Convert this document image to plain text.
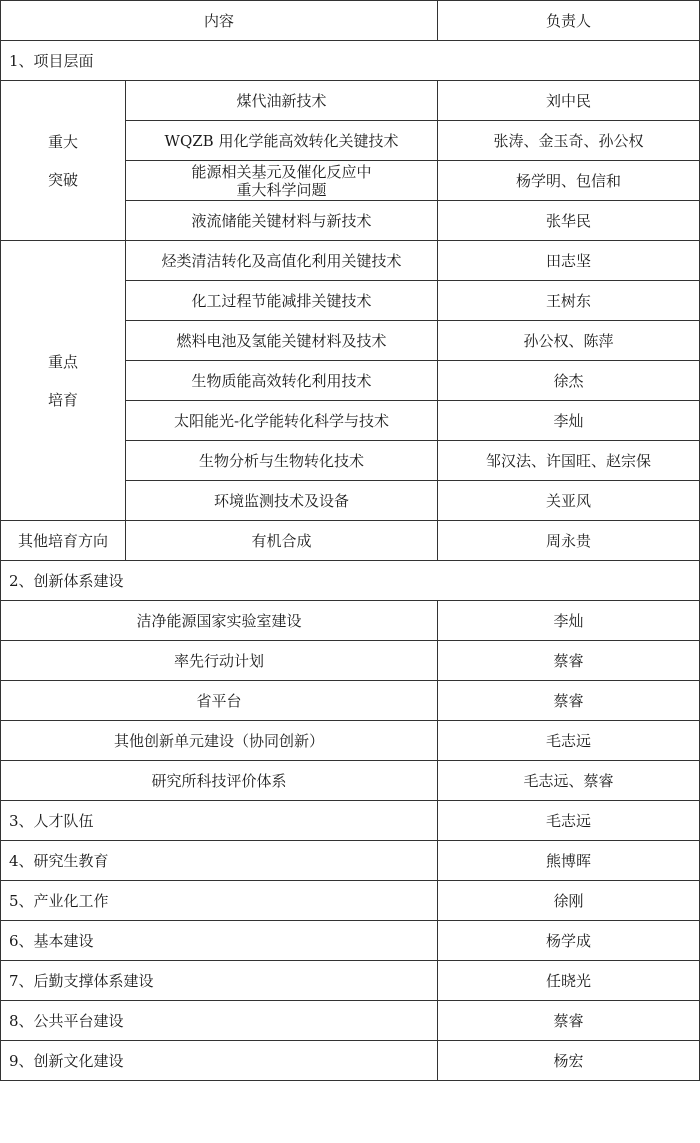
内容		负责人
1、项目层面		

重大
突破	煤代油新技术	刘中民
	WQZB 用化学能高效转化关键技术	张涛、金玉奇、孙公权

	能源相关基元及催化反应中
重大科学问题	杨学明、包信和
	液流储能关键材料与新技术	张华民

重点
培育	烃类清洁转化及高值化利用关键技术	田志坚
	化工过程节能减排关键技术	王树东
	燃料电池及氢能关键材料及技术	孙公权、陈萍
	生物质能高效转化利用技术	徐杰
	太阳能光-化学能转化科学与技术	李灿
	生物分析与生物转化技术	邹汉法、许国旺、赵宗保
	环境监测技术及设备	关亚风
其他培育方向	有机合成	周永贵
2、创新体系建设		
洁净能源国家实验室建设		李灿
率先行动计划		蔡睿
省平台		蔡睿
其他创新单元建设（协同创新）		毛志远
研究所科技评价体系		毛志远、蔡睿
3、人才队伍		毛志远
4、研究生教育		熊博晖
5、产业化工作		徐刚
6、基本建设		杨学成
7、后勤支撑体系建设		任晓光
8、公共平台建设		蔡睿
9、创新文化建设		杨宏
